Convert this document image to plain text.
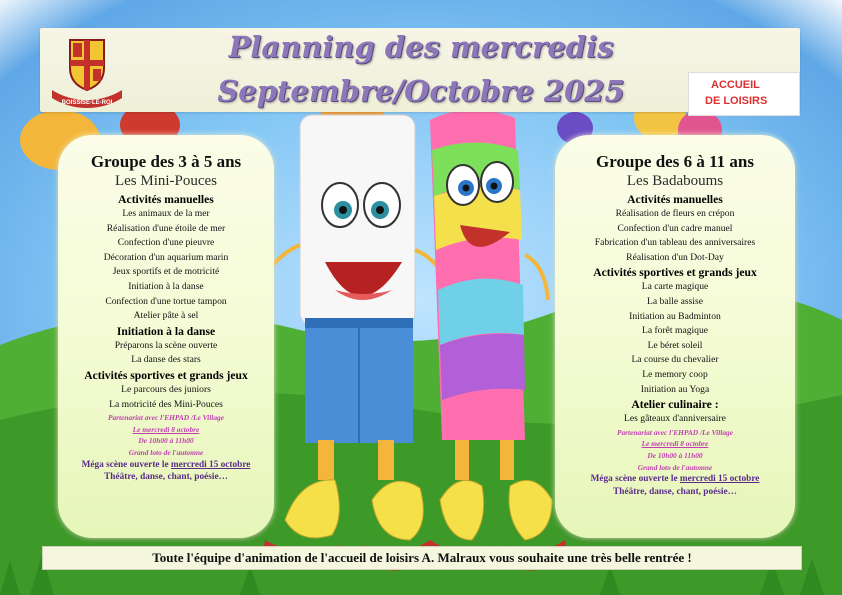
Planning des mercredis
Septembre/Octobre 2025
BOISSISE-LE-ROI
ACCUEIL
DE LOISIRS
Groupe des 3 à 5 ans
Les Mini-Pouces
Activités manuelles
Les animaux de la mer
Réalisation d'une étoile de mer
Confection d'une pieuvre
Décoration d'un aquarium marin
Jeux sportifs et de motricité
Initiation à la danse
Confection d'une tortue tampon
Atelier pâte à sel
Initiation à la danse
Préparons la scène ouverte
La danse des stars
Activités sportives et grands jeux
Le parcours des juniors
La motricité des Mini-Pouces
Partenariat avec l'EHPAD /Le Village
Le mercredi 8 octobre
De 10h00 à 11h00
Grand loto de l'automne
Méga scène ouverte le mercredi 15 octobre
Théâtre, danse, chant, poésie…
Groupe des 6 à 11 ans
Les Badaboums
Activités manuelles
Réalisation de fleurs en crépon
Confection d'un cadre manuel
Fabrication d'un tableau des anniversaires
Réalisation d'un Dot-Day
Activités sportives et grands jeux
La carte magique
La balle assise
Initiation au Badminton
La forêt magique
Le béret soleil
La course du chevalier
Le memory coop
Initiation au Yoga
Atelier culinaire :
Les gâteaux d'anniversaire
Partenariat avec l'EHPAD /Le Village
Le mercredi 8 octobre
De 10h00 à 11h00
Grand loto de l'automne
Méga scène ouverte le mercredi 15 octobre
Théâtre, danse, chant, poésie…
Toute l'équipe d'animation de l'accueil de loisirs A. Malraux vous souhaite une très belle rentrée !
